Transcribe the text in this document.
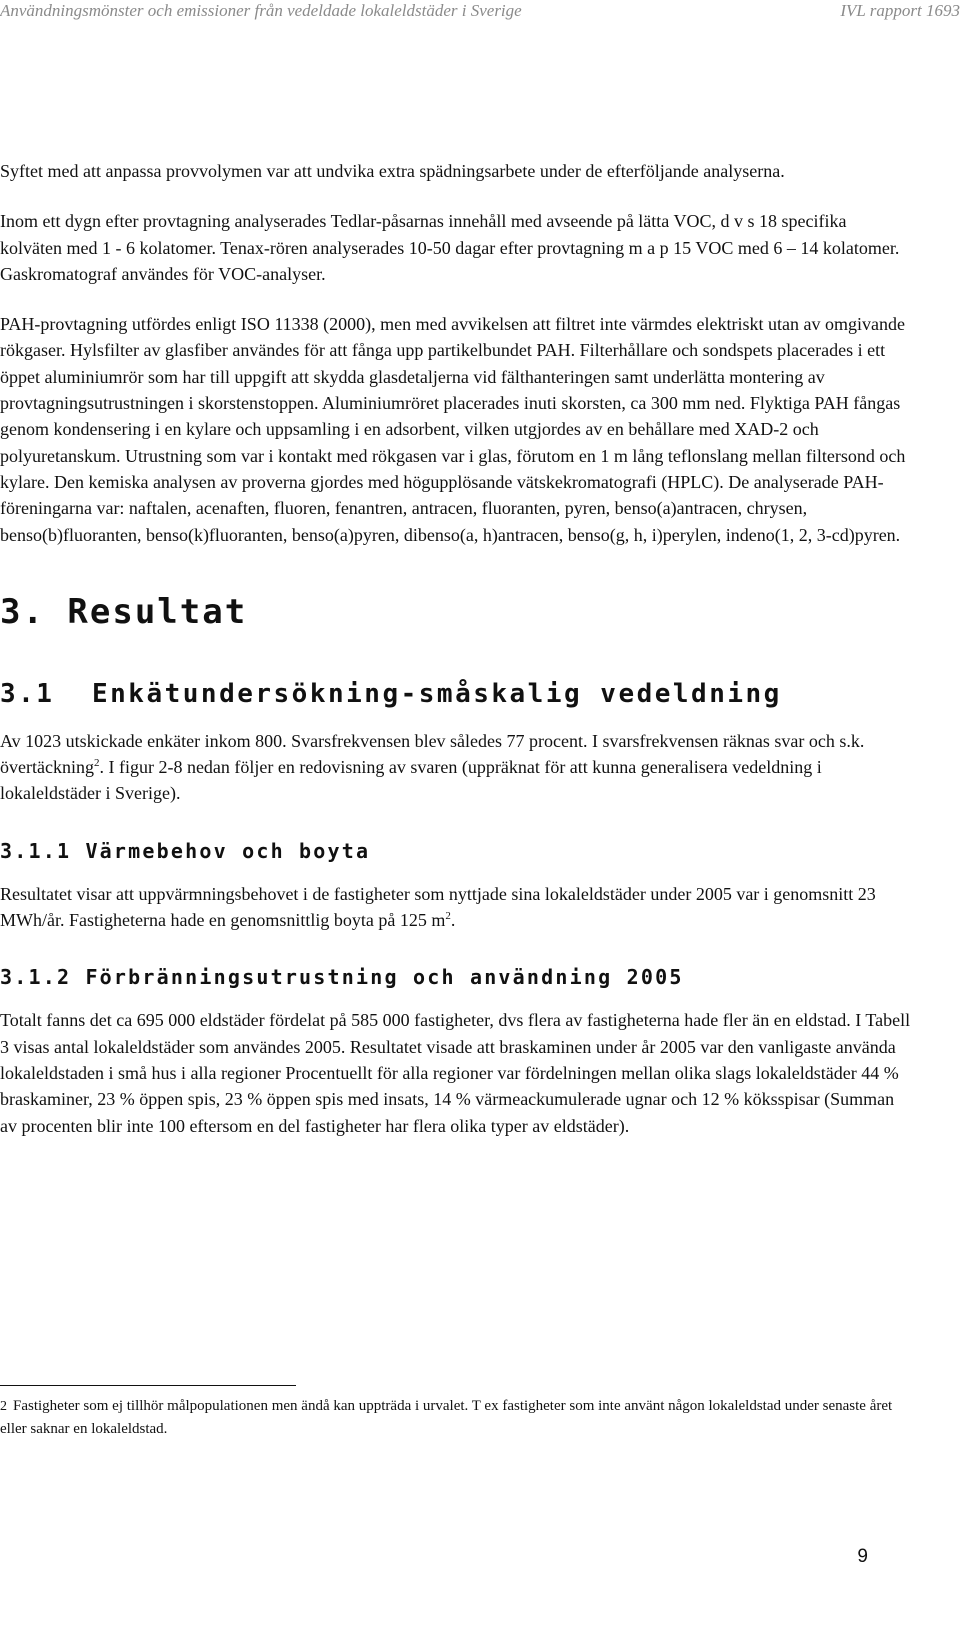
Användningsmönster och emissioner från vedeldade lokaleldstäder i Sverige	IVL rapport 1693

Syftet med att anpassa provvolymen var att undvika extra spädningsarbete under de efterföljande analyserna.

Inom ett dygn efter provtagning analyserades Tedlar-påsarnas innehåll med avseende på lätta VOC, d v s 18 specifika kolväten med 1 - 6 kolatomer. Tenax-rören analyserades 10-50 dagar efter provtagning m a p 15 VOC med 6 – 14 kolatomer. Gaskromatograf användes för VOC-analyser.

PAH-provtagning utfördes enligt ISO 11338 (2000), men med avvikelsen att filtret inte värmdes elektriskt utan av omgivande rökgaser. Hylsfilter av glasfiber användes för att fånga upp partikelbundet PAH. Filterhållare och sondspets placerades i ett öppet aluminiumrör som har till uppgift att skydda glasdetaljerna vid fälthanteringen samt underlätta montering av provtagningsutrustningen i skorstenstoppen. Aluminiumröret placerades inuti skorsten, ca 300 mm ned. Flyktiga PAH fångas genom kondensering i en kylare och uppsamling i en adsorbent, vilken utgjordes av en behållare med XAD-2 och polyuretanskum. Utrustning som var i kontakt med rökgasen var i glas, förutom en 1 m lång teflonslang mellan filtersond och kylare. Den kemiska analysen av proverna gjordes med högupplösande vätskekromatografi (HPLC). De analyserade PAH-föreningarna var: naftalen, acenaften, fluoren, fenantren, antracen, fluoranten, pyren, benso(a)antracen, chrysen, benso(b)fluoranten, benso(k)fluoranten, benso(a)pyren, dibenso(a, h)antracen, benso(g, h, i)perylen, indeno(1, 2, 3-cd)pyren.

3. Resultat
3.1 Enkätundersökning-småskalig vedeldning

Av 1023 utskickade enkäter inkom 800. Svarsfrekvensen blev således 77 procent. I svarsfrekvensen räknas svar och s.k. övertäckning$^2$. I figur 2-8 nedan följer en redovisning av svaren (uppräknat för att kunna generalisera vedeldning i lokaleldstäder i Sverige).

3.1.1 Värmebehov och boyta

Resultatet visar att uppvärmningsbehovet i de fastigheter som nyttjade sina lokaleldstäder under 2005 var i genomsnitt 23 MWh/år. Fastigheterna hade en genomsnittlig boyta på 125 $m^2$.

3.1.2 Förbränningsutrustning och användning 2005

Totalt fanns det ca 695 000 eldstäder fördelat på 585 000 fastigheter, dvs flera av fastigheterna hade fler än en eldstad. I Tabell 3 visas antal lokaleldstäder som användes 2005. Resultatet visade att braskaminen under år 2005 var den vanligaste använda lokaleldstaden i små hus i alla regioner Procentuellt för alla regioner var fördelningen mellan olika slags lokaleldstäder 44 % braskaminer, 23 % öppen spis, 23 % öppen spis med insats, 14 % värmeackumulerade ugnar och 12 % köksspisar (Summan av procenten blir inte 100 eftersom en del fastigheter har flera olika typer av eldstäder).

2 Fastigheter som ej tillhör målpopulationen men ändå kan uppträda i urvalet. T ex fastigheter som inte använt någon lokaleldstad under senaste året eller saknar en lokaleldstad.
9
